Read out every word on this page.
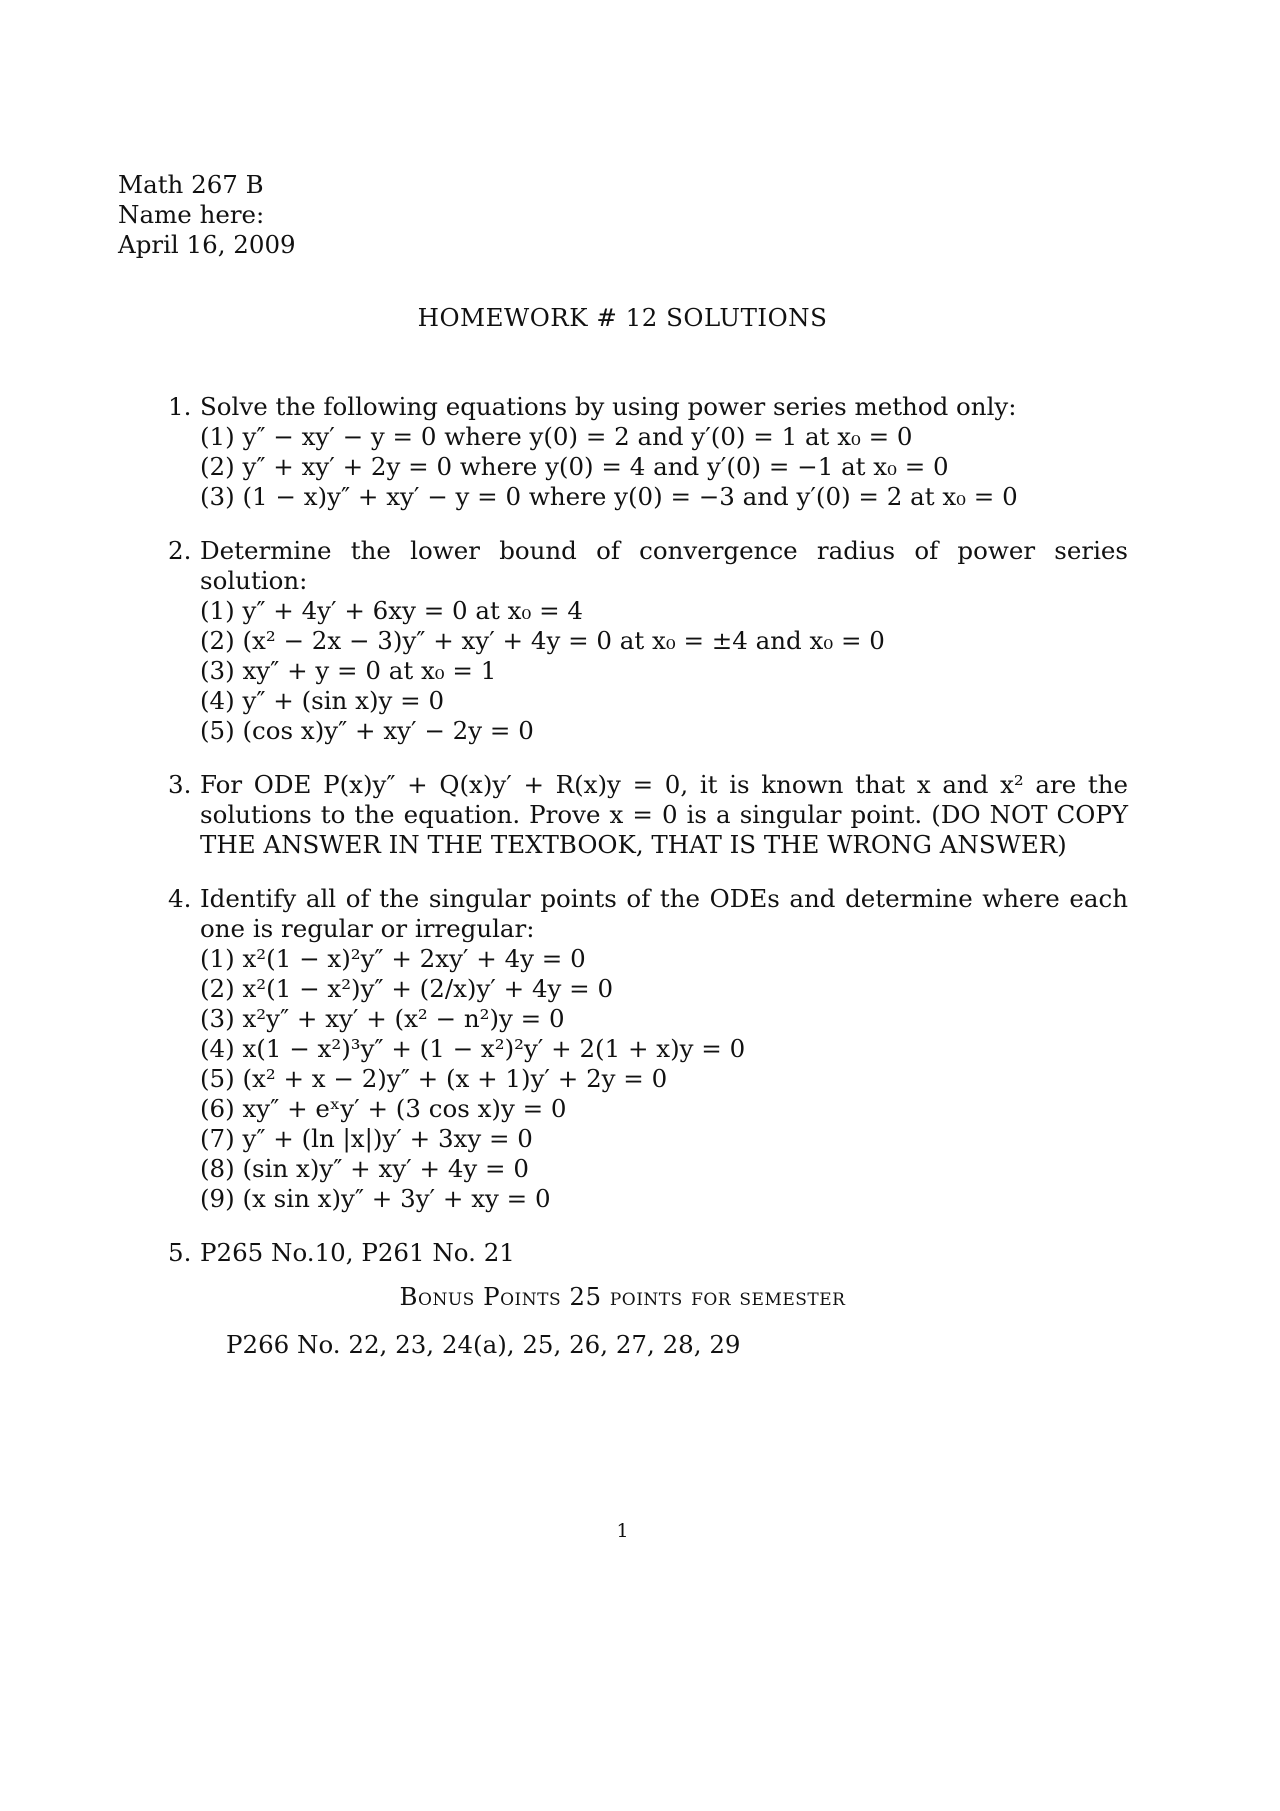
Math 267 B
Name here:
April 16, 2009
HOMEWORK # 12 SOLUTIONS
1. Solve the following equations by using power series method only:
(1) y″ − xy′ − y = 0 where y(0) = 2 and y′(0) = 1 at x₀ = 0
(2) y″ + xy′ + 2y = 0 where y(0) = 4 and y′(0) = −1 at x₀ = 0
(3) (1 − x)y″ + xy′ − y = 0 where y(0) = −3 and y′(0) = 2 at x₀ = 0
2. Determine the lower bound of convergence radius of power series solution:
(1) y″ + 4y′ + 6xy = 0 at x₀ = 4
(2) (x² − 2x − 3)y″ + xy′ + 4y = 0 at x₀ = ±4 and x₀ = 0
(3) xy″ + y = 0 at x₀ = 1
(4) y″ + (sin x)y = 0
(5) (cos x)y″ + xy′ − 2y = 0
3. For ODE P(x)y″ + Q(x)y′ + R(x)y = 0, it is known that x and x² are the solutions to the equation. Prove x = 0 is a singular point. (DO NOT COPY THE ANSWER IN THE TEXTBOOK, THAT IS THE WRONG ANSWER)
4. Identify all of the singular points of the ODEs and determine where each one is regular or irregular:
(1) x²(1 − x)²y″ + 2xy′ + 4y = 0
(2) x²(1 − x²)y″ + (2/x)y′ + 4y = 0
(3) x²y″ + xy′ + (x² − n²)y = 0
(4) x(1 − x²)³y″ + (1 − x²)²y′ + 2(1 + x)y = 0
(5) (x² + x − 2)y″ + (x + 1)y′ + 2y = 0
(6) xy″ + eˣy′ + (3 cos x)y = 0
(7) y″ + (ln |x|)y′ + 3xy = 0
(8) (sin x)y″ + xy′ + 4y = 0
(9) (x sin x)y″ + 3y′ + xy = 0
5. P265 No.10, P261 No. 21
Bonus Points 25 points for semester
P266 No. 22, 23, 24(a), 25, 26, 27, 28, 29
1
